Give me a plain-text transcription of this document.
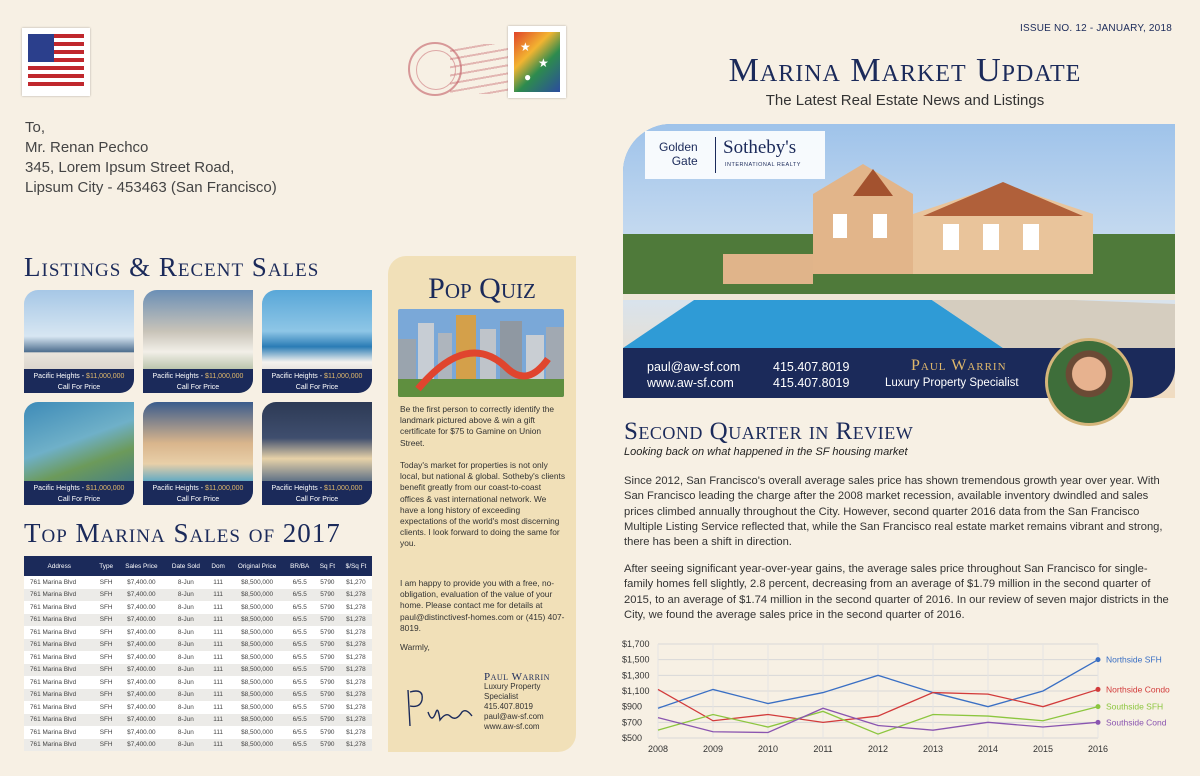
★
★
●
To,
Mr. Renan Pechco
345, Lorem Ipsum Street Road,
Lipsum City - 453463 (San Francisco)
Listings & Recent Sales
Pacific Heights - $11,000,000
Call For Price
Pacific Heights - $11,000,000
Call For Price
Pacific Heights - $11,000,000
Call For Price
Pacific Heights - $11,000,000
Call For Price
Pacific Heights - $11,000,000
Call For Price
Pacific Heights - $11,000,000
Call For Price
Top Marina Sales of 2017
Address	Type	Sales Price	Date Sold	Dom	Original Price	BR/BA	Sq Ft	$/Sq Ft
761 Marina Blvd	SFH	$7,400.00	8-Jun	111	$8,500,000	6/5.5	5790	$1,270
761 Marina Blvd	SFH	$7,400.00	8-Jun	111	$8,500,000	6/5.5	5790	$1,278
761 Marina Blvd	SFH	$7,400.00	8-Jun	111	$8,500,000	6/5.5	5790	$1,278
761 Marina Blvd	SFH	$7,400.00	8-Jun	111	$8,500,000	6/5.5	5790	$1,278
761 Marina Blvd	SFH	$7,400.00	8-Jun	111	$8,500,000	6/5.5	5790	$1,278
761 Marina Blvd	SFH	$7,400.00	8-Jun	111	$8,500,000	6/5.5	5790	$1,278
761 Marina Blvd	SFH	$7,400.00	8-Jun	111	$8,500,000	6/5.5	5790	$1,278
761 Marina Blvd	SFH	$7,400.00	8-Jun	111	$8,500,000	6/5.5	5790	$1,278
761 Marina Blvd	SFH	$7,400.00	8-Jun	111	$8,500,000	6/5.5	5790	$1,278
761 Marina Blvd	SFH	$7,400.00	8-Jun	111	$8,500,000	6/5.5	5790	$1,278
761 Marina Blvd	SFH	$7,400.00	8-Jun	111	$8,500,000	6/5.5	5790	$1,278
761 Marina Blvd	SFH	$7,400.00	8-Jun	111	$8,500,000	6/5.5	5790	$1,278
761 Marina Blvd	SFH	$7,400.00	8-Jun	111	$8,500,000	6/5.5	5790	$1,278
761 Marina Blvd	SFH	$7,400.00	8-Jun	111	$8,500,000	6/5.5	5790	$1,278
Pop Quiz
Be the first person to correctly identify the landmark pictured above & win a gift certificate for $75 to Gamine on Union Street.
Today's market for properties is not only local, but national & global. Sotheby's clients benefit greatly from our coast-to-coast offices & vast international network. We have a long history of exceeding expectations of the world's most discerning clients. I look forward to doing the same for you.
I am happy to provide you with a free, no-obligation, evaluation of the value of your home. Please contact me for details at paul@distinctivesf-homes.com or (415) 407-8019.
Warmly,
Paul Warrin
Luxury Property
Specialist
415.407.8019
paul@aw-sf.com
www.aw-sf.com
ISSUE NO. 12 - JANUARY, 2018
Marina Market Update
The Latest Real Estate News and Listings
Golden
Gate
Sotheby's
INTERNATIONAL REALTY
paul@aw-sf.com
www.aw-sf.com
415.407.8019
415.407.8019
Paul Warrin
Luxury Property Specialist
Second Quarter in Review
Looking back on what happened in the SF housing market
Since 2012, San Francisco's overall average sales price has shown tremendous growth year over year. With San Francisco leading the charge after the 2008 market recession, available inventory dwindled and sales prices climbed annually throughout the City. However, second quarter 2016 data from the San Francisco Multiple Listing Service reflected that, while the San Francisco real estate market remains vibrant and strong, there has been a shift in direction.
After seeing significant year-over-year gains, the average sales price throughout San Francisco for single-family homes fell slightly, 2.8 percent, decreasing from an average of $1.79 million in the second quarter of 2015, to an average of $1.74 million in the second quarter of 2016. In our review of seven major districts in the City, we found the average sales price in the second quarter of 2016.
$1,700
$1,500
$1,300
$1,100
$900
$700
$500
2008	2009	2010	2011	2012	2013	2014	2015	2016
Northside SFH
Northside Condo
Southside SFH
Southside Cond
